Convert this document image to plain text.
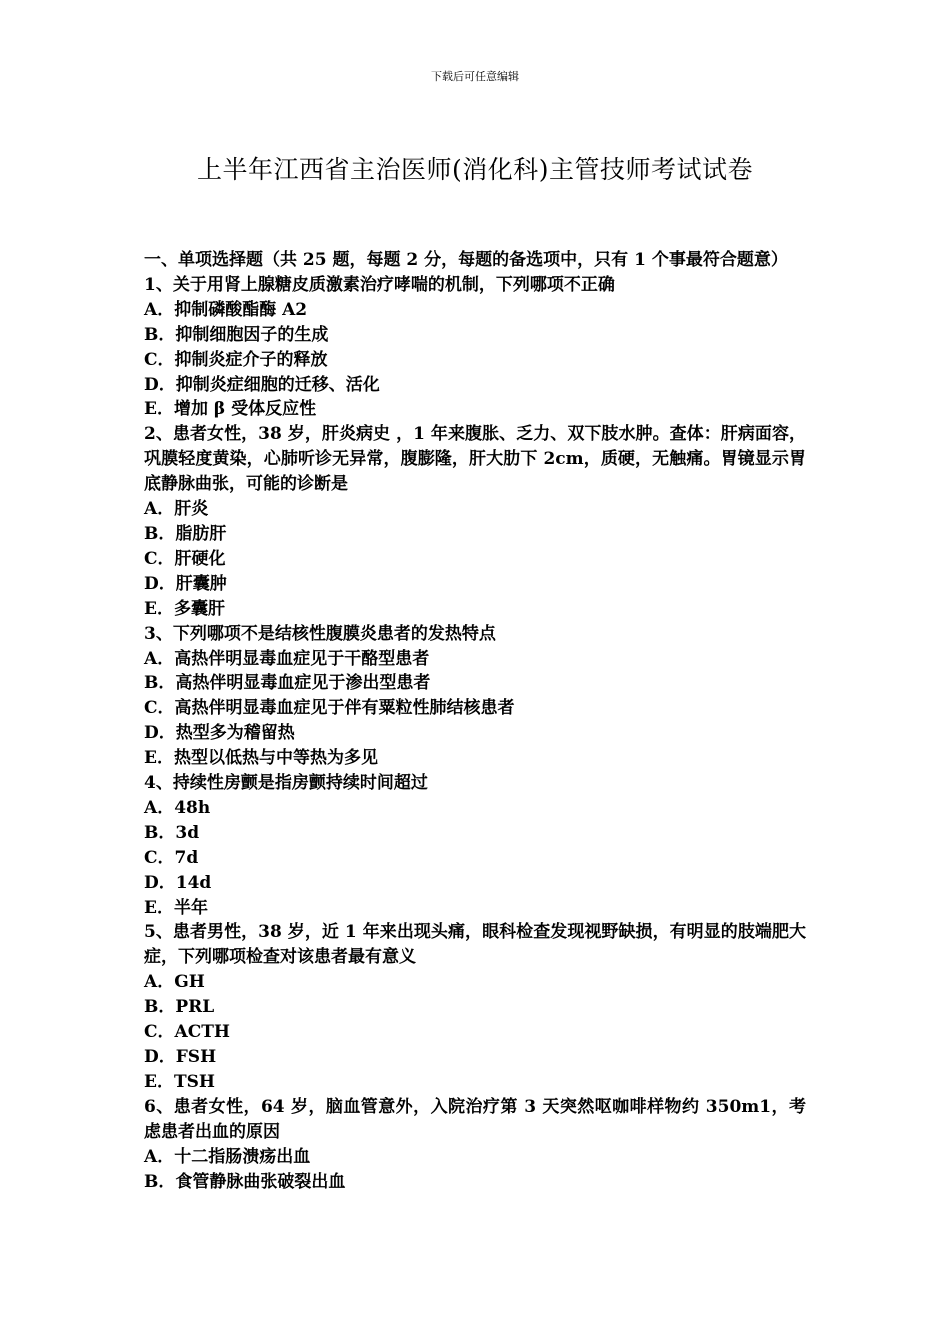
下载后可任意编辑
上半年江西省主治医师(消化科)主管技师考试试卷

一、单项选择题（共 25 题，每题 2 分，每题的备选项中，只有 1 个事最符合题意）

1、关于用肾上腺糖皮质激素治疗哮喘的机制，下列哪项不正确

A．抑制磷酸酯酶 A2

B．抑制细胞因子的生成

C．抑制炎症介子的释放

D．抑制炎症细胞的迁移、活化

E．增加 β 受体反应性

2、患者女性，38 岁，肝炎病史 ，1 年来腹胀、乏力、双下肢水肿。查体：肝病面容，巩膜轻度黄染，心肺听诊无异常，腹膨隆，肝大肋下 2cm，质硬，无触痛。胃镜显示胃底静脉曲张，可能的诊断是

A．肝炎

B．脂肪肝

C．肝硬化

D．肝囊肿

E．多囊肝

3、下列哪项不是结核性腹膜炎患者的发热特点

A．高热伴明显毒血症见于干酪型患者

B．高热伴明显毒血症见于渗出型患者

C．高热伴明显毒血症见于伴有粟粒性肺结核患者

D．热型多为稽留热

E．热型以低热与中等热为多见

4、持续性房颤是指房颤持续时间超过

A．48h

B．3d

C．7d

D．14d

E．半年

5、患者男性，38 岁，近 1 年来出现头痛，眼科检查发现视野缺损，有明显的肢端肥大症，下列哪项检查对该患者最有意义

A．GH

B．PRL

C．ACTH

D．FSH

E．TSH

6、患者女性，64 岁，脑血管意外，入院治疗第 3 天突然呕咖啡样物约 350m1，考虑患者出血的原因

A．十二指肠溃疡出血

B．食管静脉曲张破裂出血
